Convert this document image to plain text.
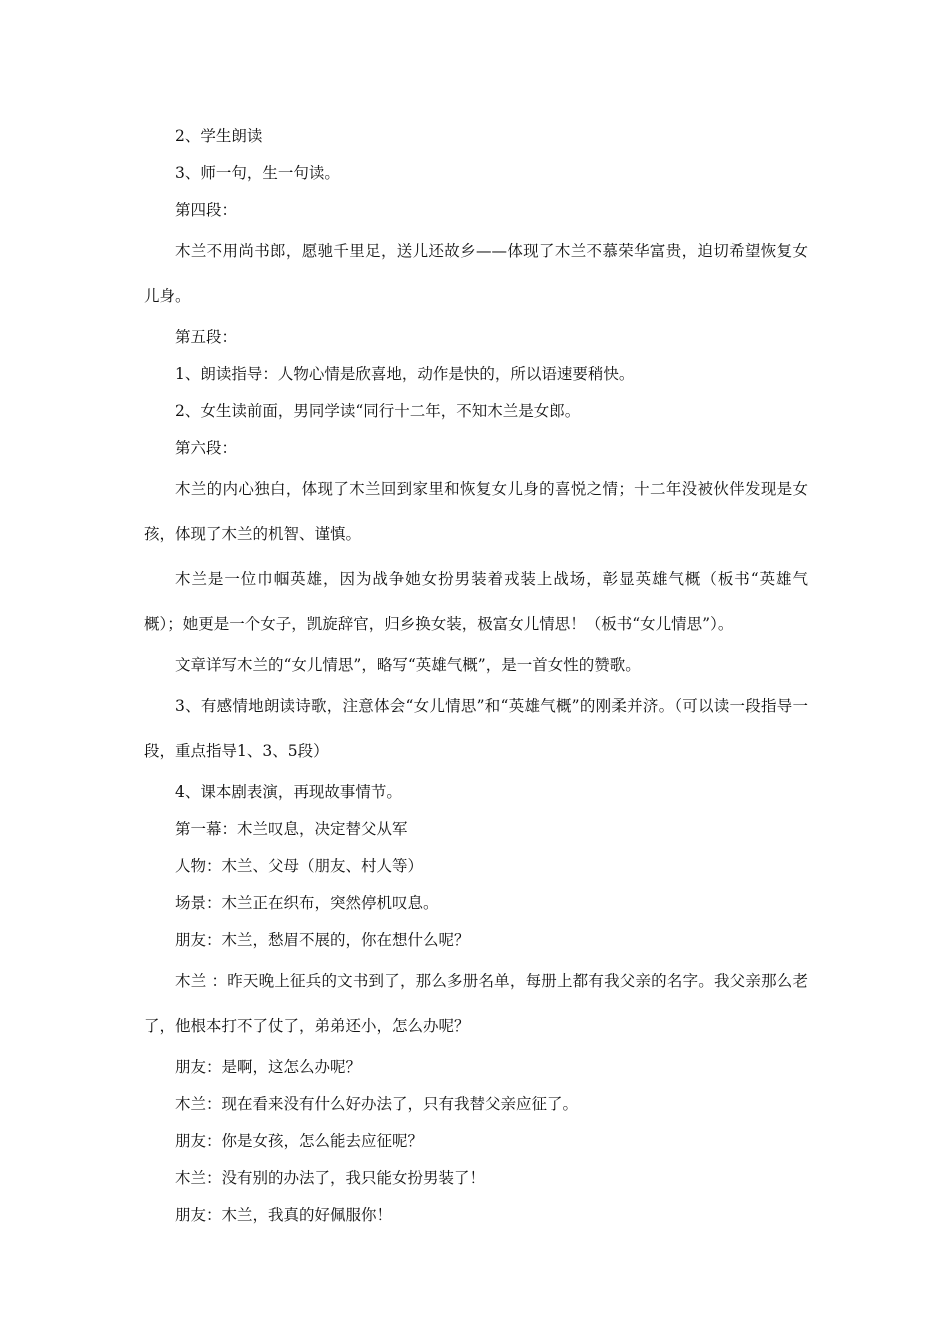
2、学生朗读

3、师一句，生一句读。

第四段：

木兰不用尚书郎，愿驰千里足，送儿还故乡——体现了木兰不慕荣华富贵，迫切希望恢复女儿身。

第五段：

1、朗读指导：人物心情是欣喜地，动作是快的，所以语速要稍快。

2、女生读前面，男同学读“同行十二年，不知木兰是女郎。

第六段：

木兰的内心独白，体现了木兰回到家里和恢复女儿身的喜悦之情；十二年没被伙伴发现是女孩，体现了木兰的机智、谨慎。

木兰是一位巾帼英雄，因为战争她女扮男装着戎装上战场，彰显英雄气概（板书“英雄气概）；她更是一个女子，凯旋辞官，归乡换女装，极富女儿情思！（板书“女儿情思”）。

文章详写木兰的“女儿情思”，略写“英雄气概”，是一首女性的赞歌。

3、有感情地朗读诗歌，注意体会“女儿情思”和“英雄气概”的刚柔并济。（可以读一段指导一段，重点指导1、3、5段）

4、课本剧表演，再现故事情节。

第一幕：木兰叹息，决定替父从军

人物：木兰、父母（朋友、村人等）

场景：木兰正在织布，突然停机叹息。

朋友：木兰，愁眉不展的，你在想什么呢？

木兰 ：昨天晚上征兵的文书到了，那么多册名单，每册上都有我父亲的名字。我父亲那么老了，他根本打不了仗了，弟弟还小，怎么办呢？

朋友：是啊，这怎么办呢？

木兰：现在看来没有什么好办法了，只有我替父亲应征了。

朋友：你是女孩，怎么能去应征呢？

木兰：没有别的办法了，我只能女扮男装了！

朋友：木兰，我真的好佩服你！
